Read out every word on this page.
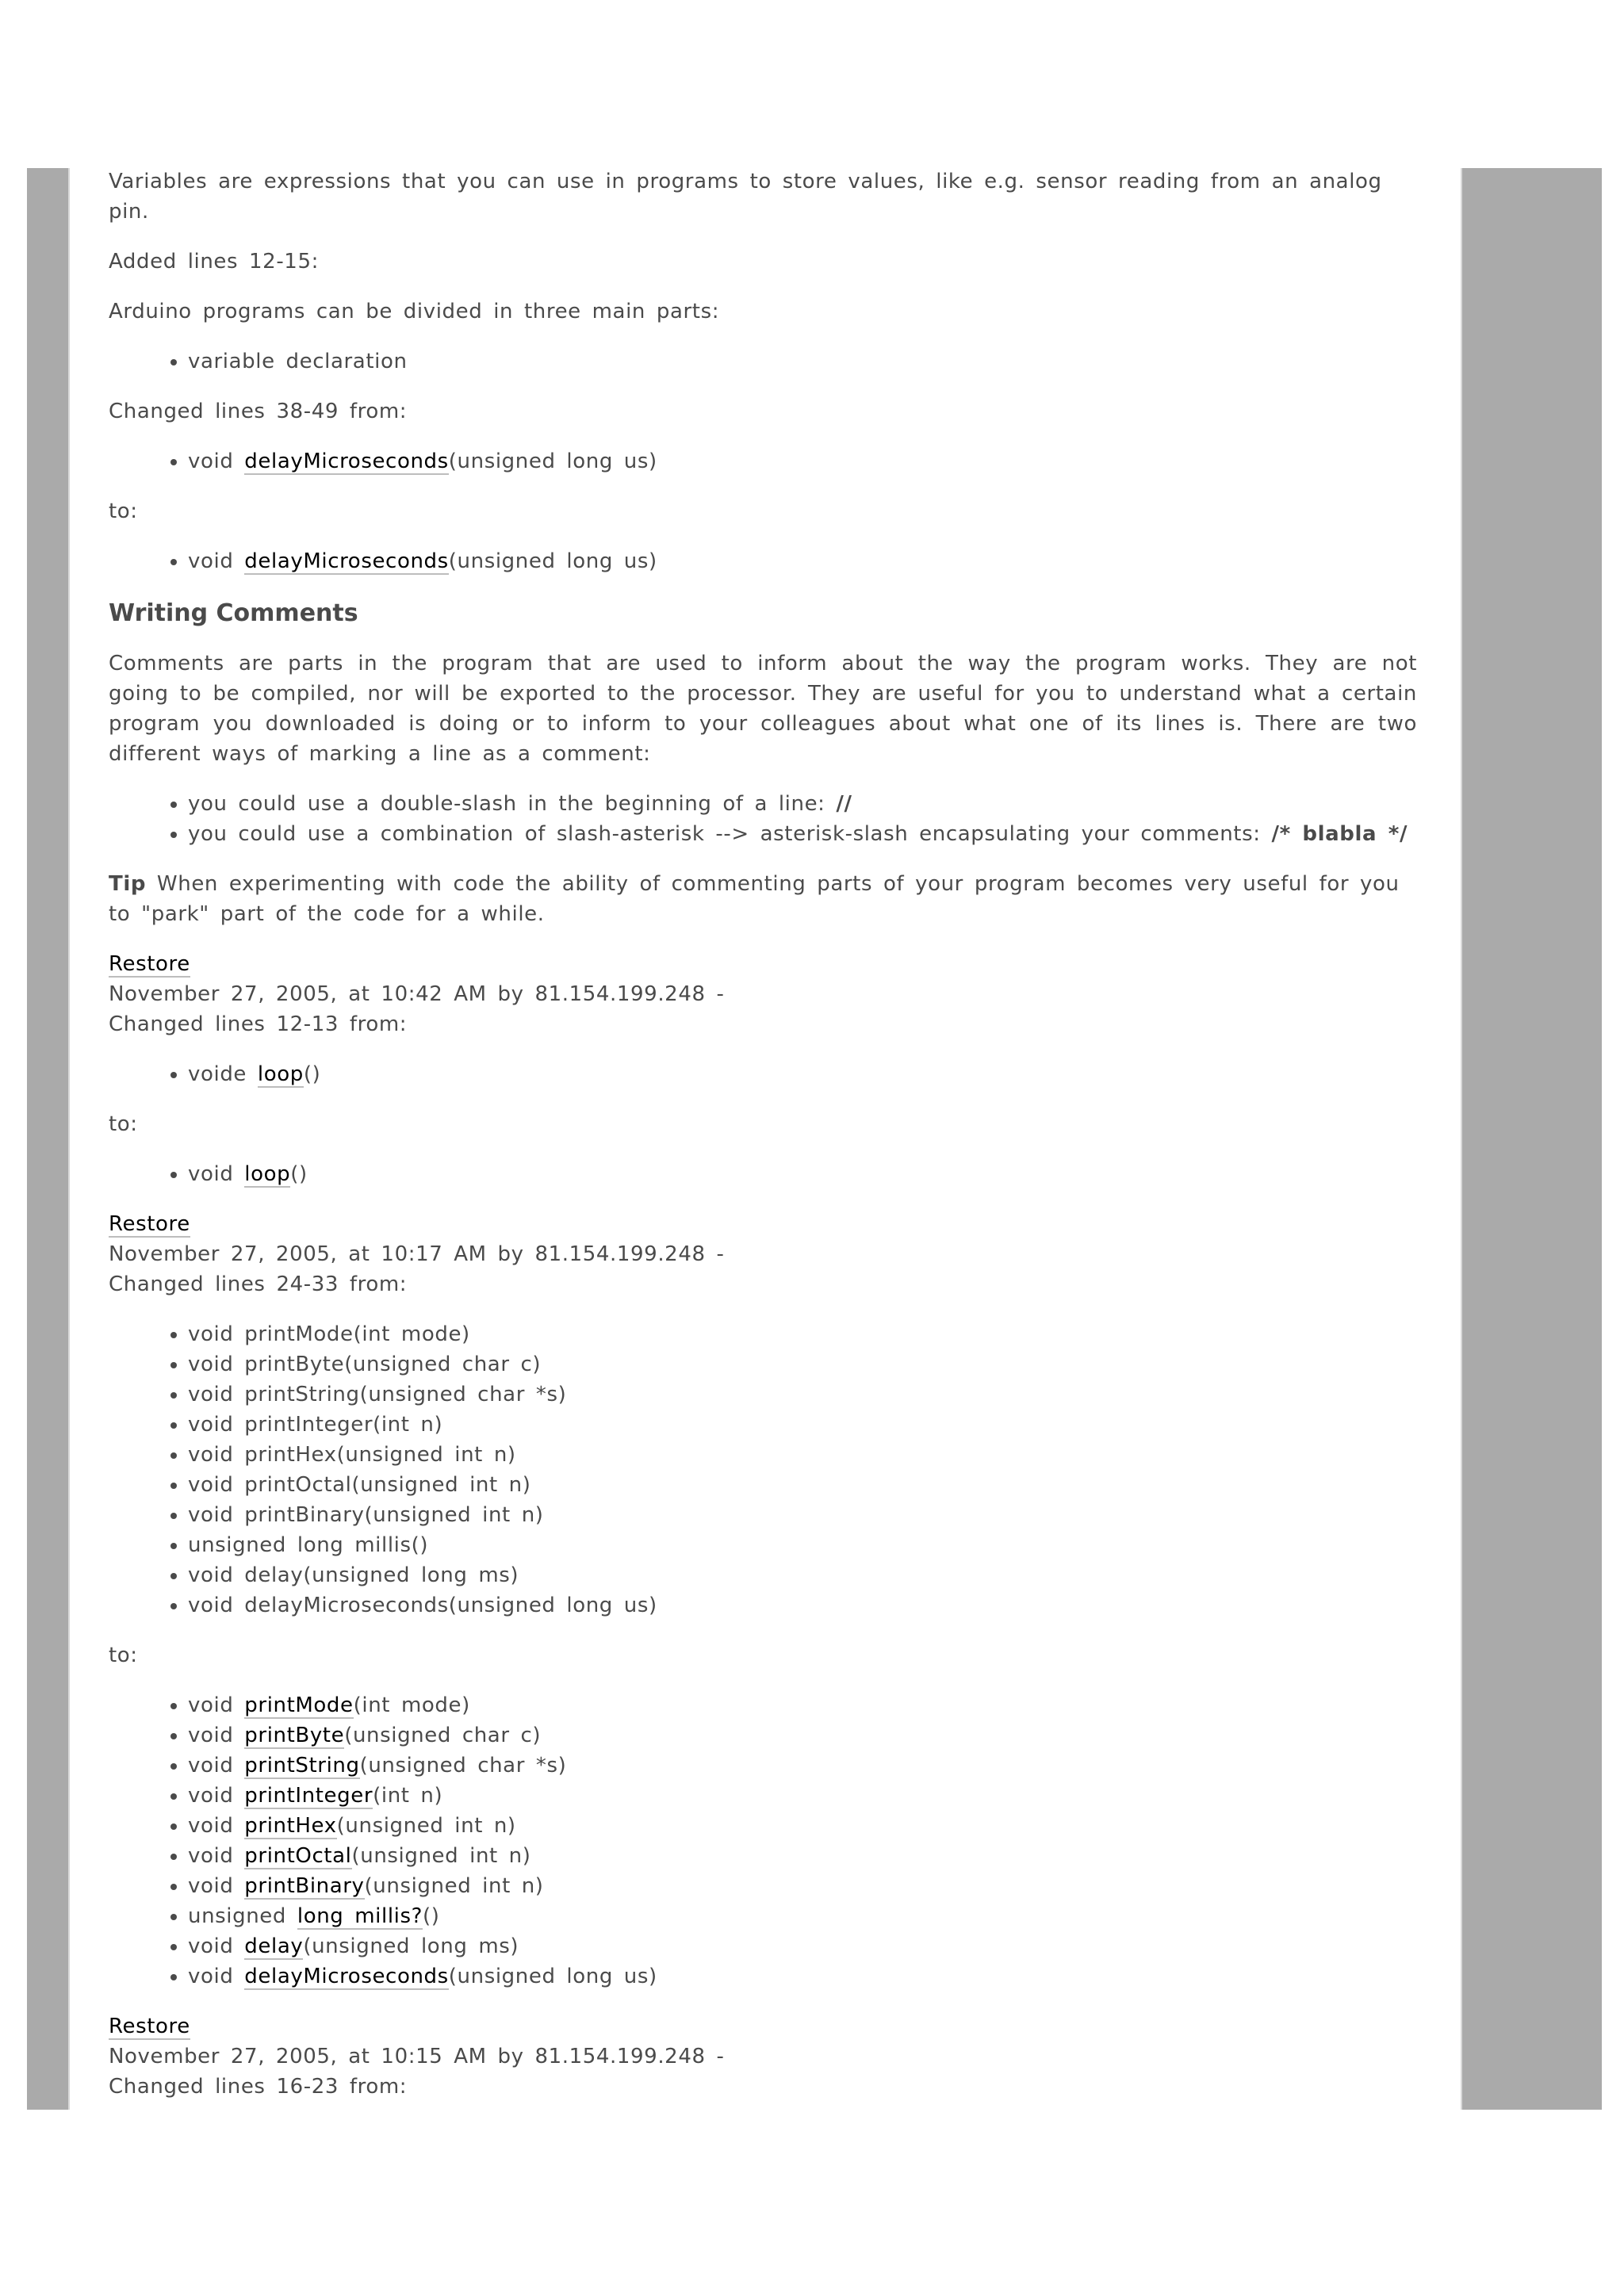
Variables are expressions that you can use in programs to store values, like e.g. sensor reading from an analog pin.

Added lines 12-15:

Arduino programs can be divided in three main parts:

• variable declaration

Changed lines 38-49 from:

• void delayMicroseconds(unsigned long us)

to:

• void delayMicroseconds(unsigned long us)
Writing Comments

Comments are parts in the program that are used to inform about the way the program works. They are not going to be compiled, nor will be exported to the processor. They are useful for you to understand what a certain program you downloaded is doing or to inform to your colleagues about what one of its lines is. There are two different ways of marking a line as a comment:

• you could use a double-slash in the beginning of a line: //
• you could use a combination of slash-asterisk --> asterisk-slash encapsulating your comments: /* blabla */

Tip When experimenting with code the ability of commenting parts of your program becomes very useful for you to "park" part of the code for a while.

Restore
November 27, 2005, at 10:42 AM by 81.154.199.248 -
Changed lines 12-13 from:
• voide loop()

to:

• void loop()
Restore
November 27, 2005, at 10:17 AM by 81.154.199.248 -
Changed lines 24-33 from:
• void printMode(int mode)
• void printByte(unsigned char c)
• void printString(unsigned char *s)
• void printInteger(int n)
• void printHex(unsigned int n)
• void printOctal(unsigned int n)
• void printBinary(unsigned int n)
• unsigned long millis()
• void delay(unsigned long ms)
• void delayMicroseconds(unsigned long us)

to:

• void printMode(int mode)
• void printByte(unsigned char c)
• void printString(unsigned char *s)
• void printInteger(int n)
• void printHex(unsigned int n)
• void printOctal(unsigned int n)
• void printBinary(unsigned int n)
• unsigned long millis?()
• void delay(unsigned long ms)
• void delayMicroseconds(unsigned long us)
Restore
November 27, 2005, at 10:15 AM by 81.154.199.248 -
Changed lines 16-23 from:
